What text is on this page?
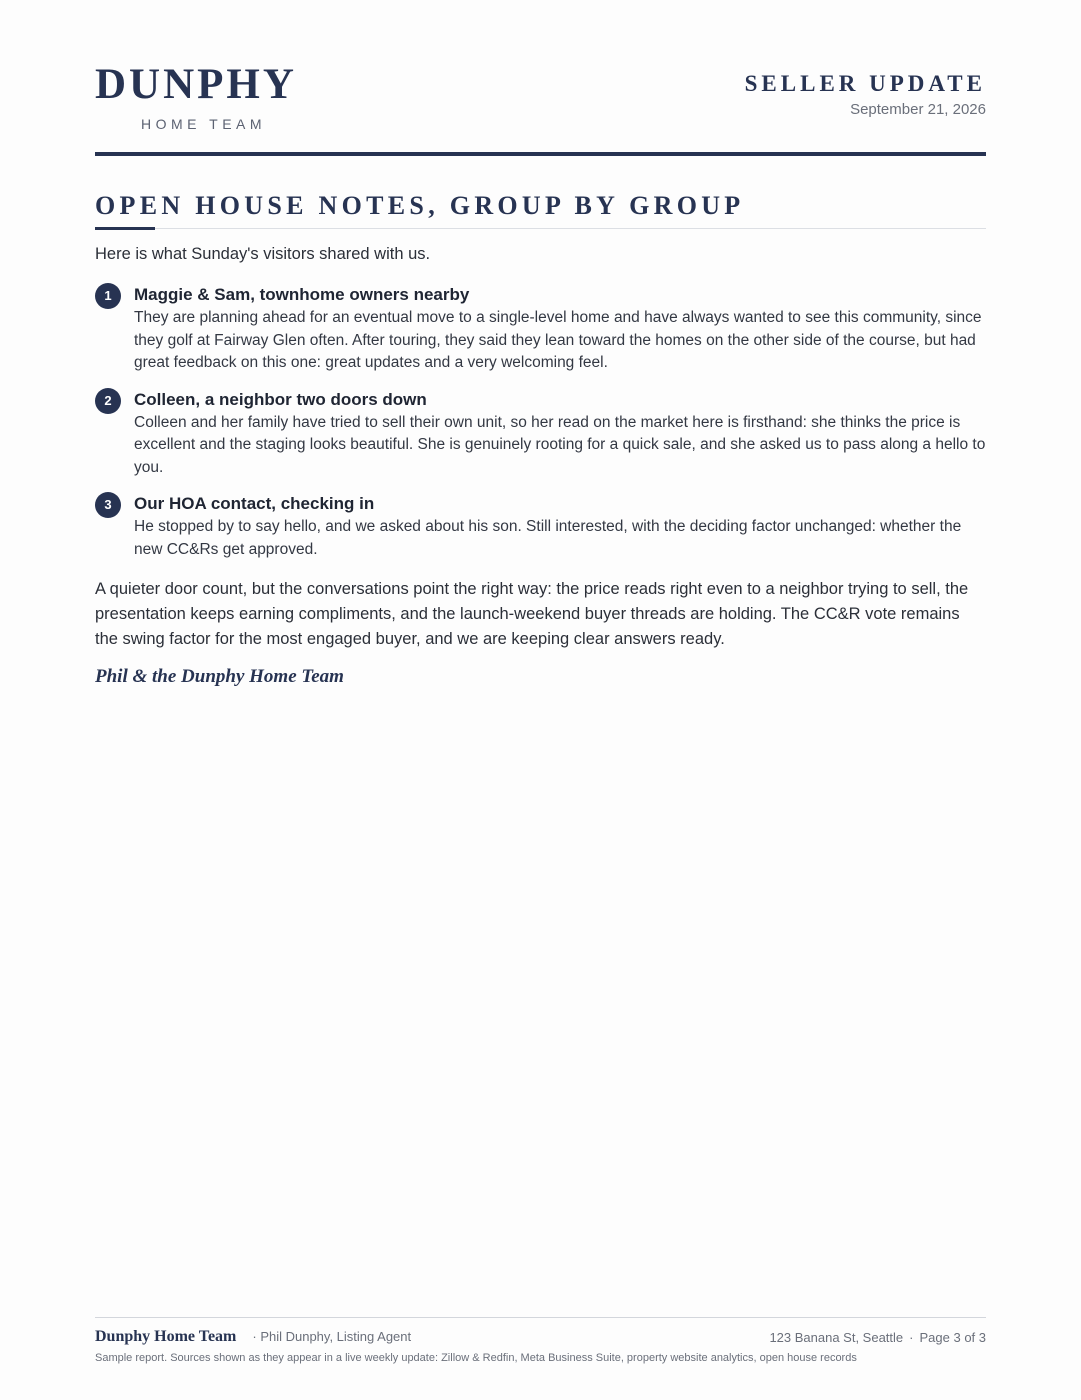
DUNPHY
HOME TEAM
SELLER UPDATE
September 21, 2026
OPEN HOUSE NOTES, GROUP BY GROUP
Here is what Sunday's visitors shared with us.
1	Maggie & Sam, townhome owners nearby
They are planning ahead for an eventual move to a single-level home and have always wanted to see this community, since they golf at Fairway Glen often. After touring, they said they lean toward the homes on the other side of the course, but had great feedback on this one: great updates and a very welcoming feel.
2	Colleen, a neighbor two doors down
Colleen and her family have tried to sell their own unit, so her read on the market here is firsthand: she thinks the price is excellent and the staging looks beautiful. She is genuinely rooting for a quick sale, and she asked us to pass along a hello to you.
3	Our HOA contact, checking in
He stopped by to say hello, and we asked about his son. Still interested, with the deciding factor unchanged: whether the new CC&Rs get approved.
A quieter door count, but the conversations point the right way: the price reads right even to a neighbor trying to sell, the presentation keeps earning compliments, and the launch-weekend buyer threads are holding. The CC&R vote remains the swing factor for the most engaged buyer, and we are keeping clear answers ready.
Phil & the Dunphy Home Team
Dunphy Home Team · Phil Dunphy, Listing Agent	123 Banana St, Seattle · Page 3 of 3
Sample report. Sources shown as they appear in a live weekly update: Zillow & Redfin, Meta Business Suite, property website analytics, open house records
